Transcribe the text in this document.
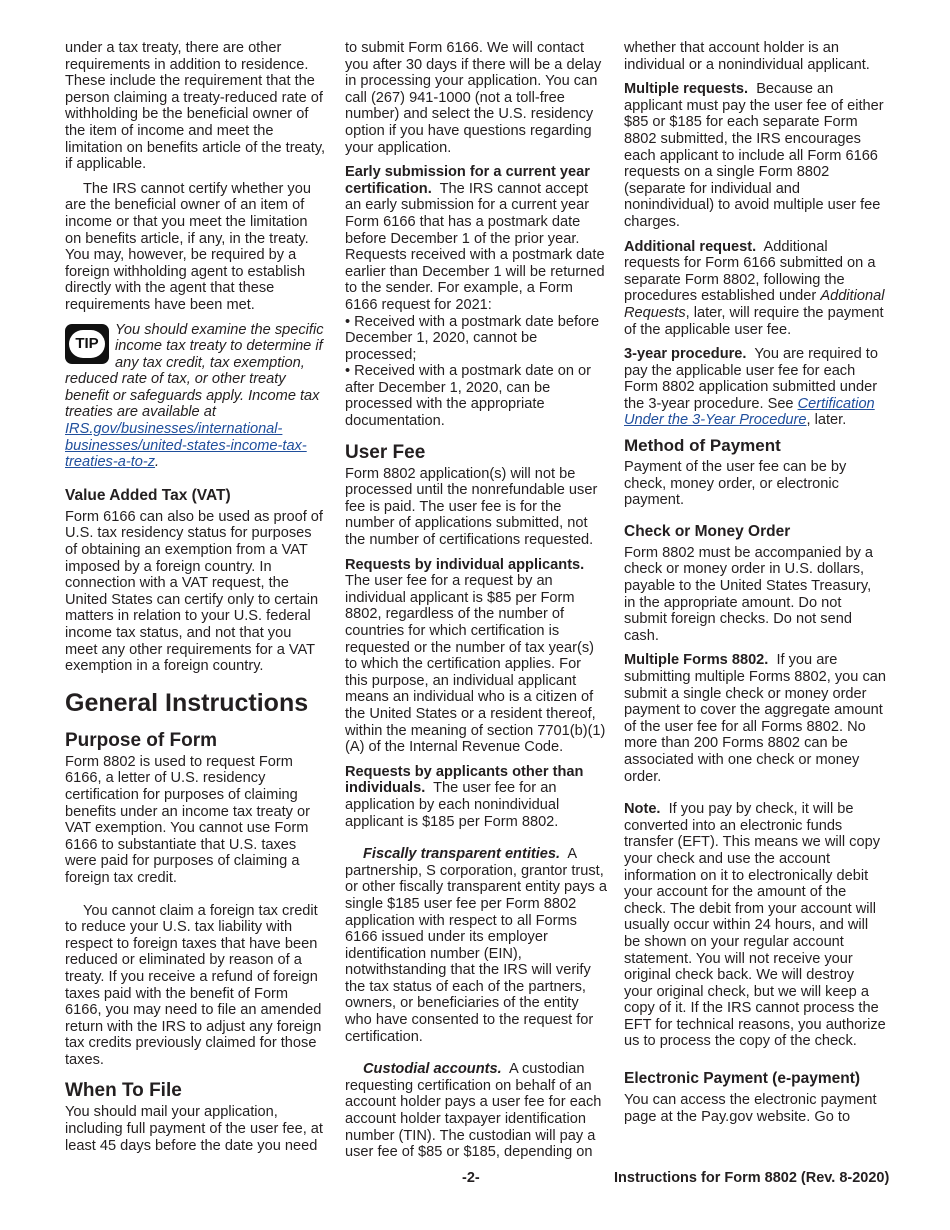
under a tax treaty, there are other requirements in addition to residence. These include the requirement that the person claiming a treaty-reduced rate of withholding be the beneficial owner of the item of income and meet the limitation on benefits article of the treaty, if applicable.

The IRS cannot certify whether you are the beneficial owner of an item of income or that you meet the limitation on benefits article, if any, in the treaty. You may, however, be required by a foreign withholding agent to establish directly with the agent that these requirements have been met.

TIP
You should examine the specific income tax treaty to determine if any tax credit, tax exemption, reduced rate of tax, or other treaty benefit or safeguards apply. Income tax treaties are available at IRS.gov/businesses/international-businesses/united-states-income-tax-treaties-a-to-z.
Value Added Tax (VAT)

Form 6166 can also be used as proof of U.S. tax residency status for purposes of obtaining an exemption from a VAT imposed by a foreign country. In connection with a VAT request, the United States can certify only to certain matters in relation to your U.S. federal income tax status, and not that you meet any other requirements for a VAT exemption in a foreign country.

General Instructions
Purpose of Form

Form 8802 is used to request Form 6166, a letter of U.S. residency certification for purposes of claiming benefits under an income tax treaty or VAT exemption. You cannot use Form 6166 to substantiate that U.S. taxes were paid for purposes of claiming a foreign tax credit.

You cannot claim a foreign tax credit to reduce your U.S. tax liability with respect to foreign taxes that have been reduced or eliminated by reason of a treaty. If you receive a refund of foreign taxes paid with the benefit of Form 6166, you may need to file an amended return with the IRS to adjust any foreign tax credits previously claimed for those taxes.

When To File

You should mail your application, including full payment of the user fee, at least 45 days before the date you need

to submit Form 6166. We will contact you after 30 days if there will be a delay in processing your application. You can call (267) 941-1000 (not a toll-free number) and select the U.S. residency option if you have questions regarding your application.

Early submission for a current year certification. The IRS cannot accept an early submission for a current year Form 6166 that has a postmark date before December 1 of the prior year. Requests received with a postmark date earlier than December 1 will be returned to the sender. For example, a Form 6166 request for 2021:

• Received with a postmark date before December 1, 2020, cannot be processed;

• Received with a postmark date on or after December 1, 2020, can be processed with the appropriate documentation.

User Fee

Form 8802 application(s) will not be processed until the nonrefundable user fee is paid. The user fee is for the number of applications submitted, not the number of certifications requested.

Requests by individual applicants. The user fee for a request by an individual applicant is $85 per Form 8802, regardless of the number of countries for which certification is requested or the number of tax year(s) to which the certification applies. For this purpose, an individual applicant means an individual who is a citizen of the United States or a resident thereof, within the meaning of section 7701(b)(1)(A) of the Internal Revenue Code.

Requests by applicants other than individuals. The user fee for an application by each nonindividual applicant is $185 per Form 8802.

Fiscally transparent entities. A partnership, S corporation, grantor trust, or other fiscally transparent entity pays a single $185 user fee per Form 8802 application with respect to all Forms 6166 issued under its employer identification number (EIN), notwithstanding that the IRS will verify the tax status of each of the partners, owners, or beneficiaries of the entity who have consented to the request for certification.

Custodial accounts. A custodian requesting certification on behalf of an account holder pays a user fee for each account holder taxpayer identification number (TIN). The custodian will pay a user fee of $85 or $185, depending on

whether that account holder is an individual or a nonindividual applicant.

Multiple requests. Because an applicant must pay the user fee of either $85 or $185 for each separate Form 8802 submitted, the IRS encourages each applicant to include all Form 6166 requests on a single Form 8802 (separate for individual and nonindividual) to avoid multiple user fee charges.

Additional request. Additional requests for Form 6166 submitted on a separate Form 8802, following the procedures established under Additional Requests, later, will require the payment of the applicable user fee.

3-year procedure. You are required to pay the applicable user fee for each Form 8802 application submitted under the 3-year procedure. See Certification Under the 3-Year Procedure, later.

Method of Payment

Payment of the user fee can be by check, money order, or electronic payment.

Check or Money Order

Form 8802 must be accompanied by a check or money order in U.S. dollars, payable to the United States Treasury, in the appropriate amount. Do not submit foreign checks. Do not send cash.

Multiple Forms 8802. If you are submitting multiple Forms 8802, you can submit a single check or money order payment to cover the aggregate amount of the user fee for all Forms 8802. No more than 200 Forms 8802 can be associated with one check or money order.

Note. If you pay by check, it will be converted into an electronic funds transfer (EFT). This means we will copy your check and use the account information on it to electronically debit your account for the amount of the check. The debit from your account will usually occur within 24 hours, and will be shown on your regular account statement. You will not receive your original check back. We will destroy your original check, but we will keep a copy of it. If the IRS cannot process the EFT for technical reasons, you authorize us to process the copy of the check.

Electronic Payment (e-payment)

You can access the electronic payment page at the Pay.gov website. Go to

-2-	Instructions for Form 8802 (Rev. 8-2020)
